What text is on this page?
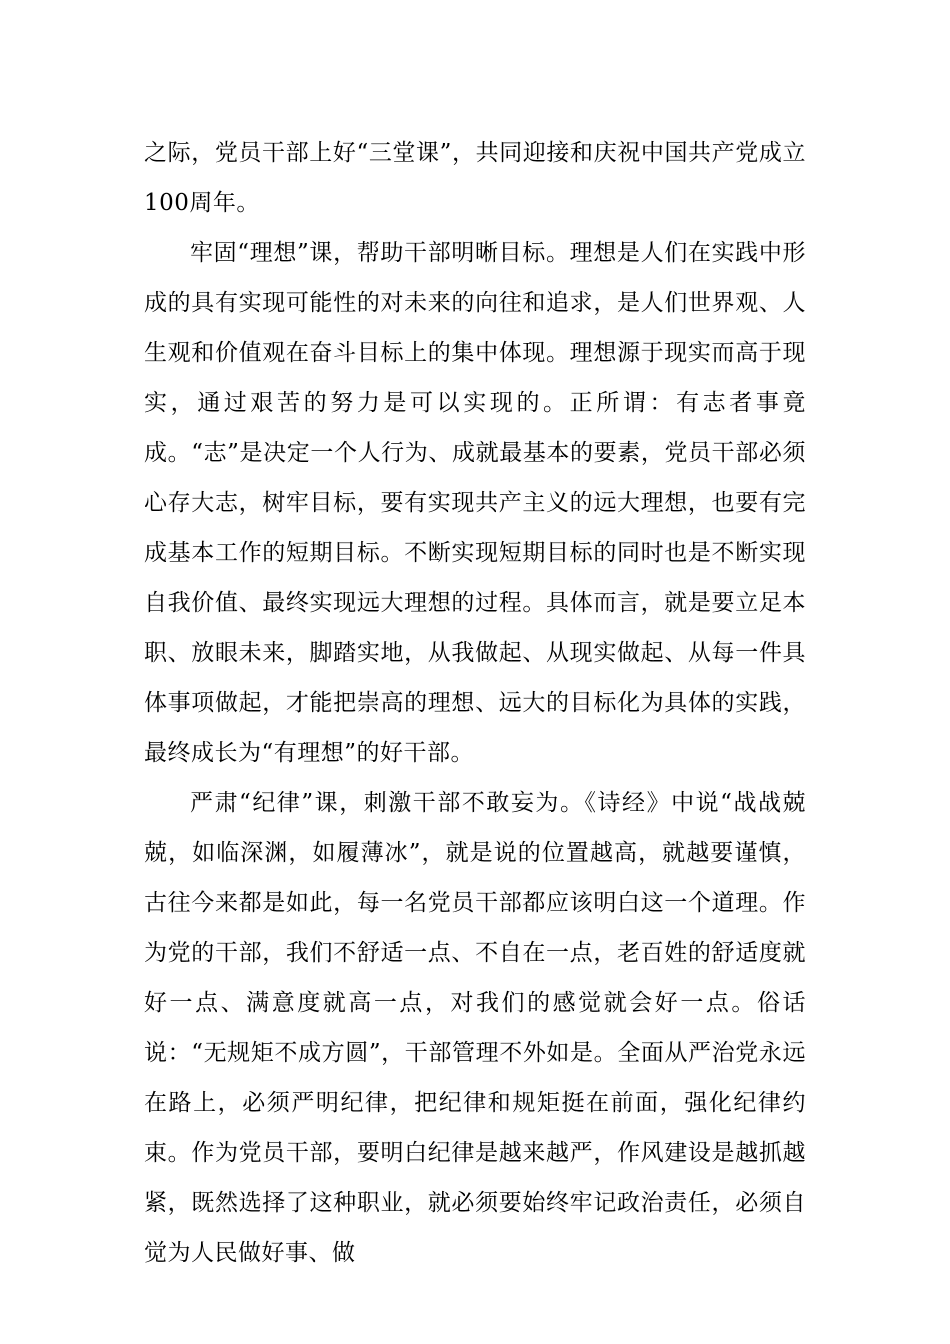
之际，党员干部上好“三堂课”，共同迎接和庆祝中国共产党成立100周年。

牢固“理想”课，帮助干部明晰目标。理想是人们在实践中形成的具有实现可能性的对未来的向往和追求，是人们世界观、人生观和价值观在奋斗目标上的集中体现。理想源于现实而高于现实，通过艰苦的努力是可以实现的。正所谓：有志者事竟成。“志”是决定一个人行为、成就最基本的要素，党员干部必须心存大志，树牢目标，要有实现共产主义的远大理想，也要有完成基本工作的短期目标。不断实现短期目标的同时也是不断实现自我价值、最终实现远大理想的过程。具体而言，就是要立足本职、放眼未来，脚踏实地，从我做起、从现实做起、从每一件具体事项做起，才能把崇高的理想、远大的目标化为具体的实践，最终成长为“有理想”的好干部。

严肃“纪律”课，刺激干部不敢妄为。《诗经》中说“战战兢兢，如临深渊，如履薄冰”，就是说的位置越高，就越要谨慎，古往今来都是如此，每一名党员干部都应该明白这一个道理。作为党的干部，我们不舒适一点、不自在一点，老百姓的舒适度就好一点、满意度就高一点，对我们的感觉就会好一点。俗话说：“无规矩不成方圆”，干部管理不外如是。全面从严治党永远在路上，必须严明纪律，把纪律和规矩挺在前面，强化纪律约束。作为党员干部，要明白纪律是越来越严，作风建设是越抓越紧，既然选择了这种职业，就必须要始终牢记政治责任，必须自觉为人民做好事、做
